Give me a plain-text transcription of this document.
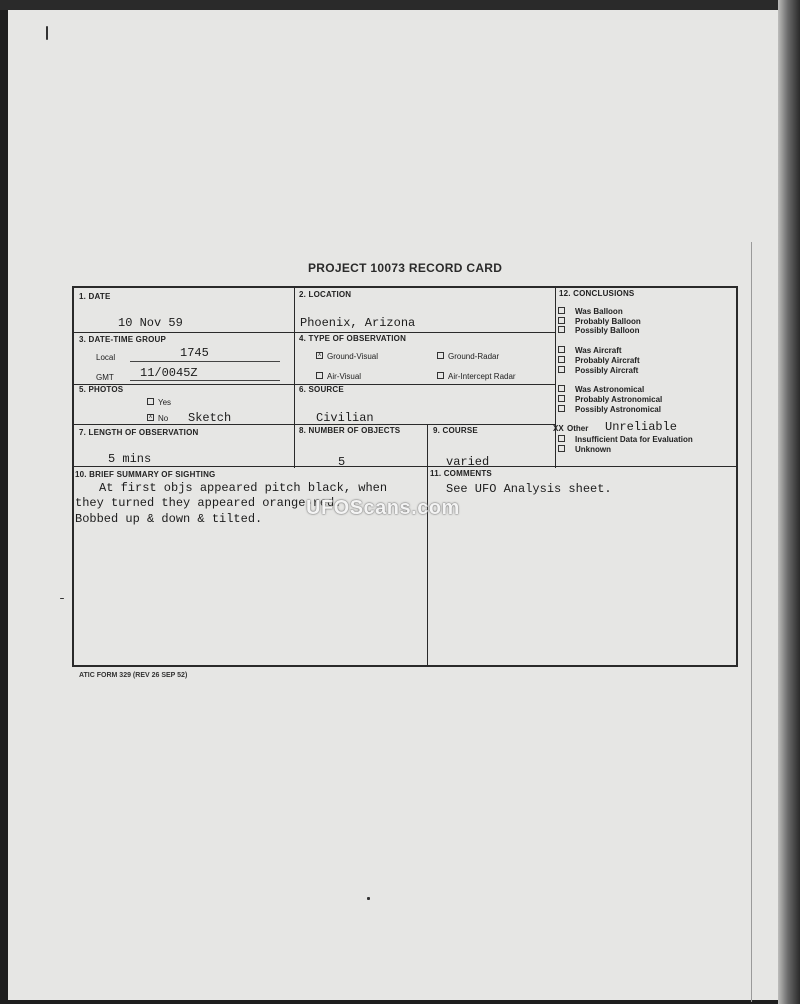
PROJECT 10073 RECORD CARD
1. DATE
10 Nov 59
2. LOCATION
Phoenix, Arizona
3. DATE-TIME GROUP
Local	1745
GMT 11/0045Z
4. TYPE OF OBSERVATION
X Ground-Visual	Ground-Radar
Air-Visual	Air-Intercept Radar
5. PHOTOS
Yes
X No Sketch
6. SOURCE
Civilian
7. LENGTH OF OBSERVATION
5 mins
8. NUMBER OF OBJECTS
5
9. COURSE
varied
10. BRIEF SUMMARY OF SIGHTING
At first objs appeared pitch black, when
they turned they appeared orange-red.
Bobbed up & down & tilted.
11. COMMENTS
See UFO Analysis sheet.
12. CONCLUSIONS
Was Balloon
Probably Balloon
Possibly Balloon
Was Aircraft
Probably Aircraft
Possibly Aircraft
Was Astronomical
Probably Astronomical
Possibly Astronomical
XX Other Unreliable
Insufficient Data for Evaluation
Unknown
UFOScans.com
ATIC FORM 329 (REV 26 SEP 52)
